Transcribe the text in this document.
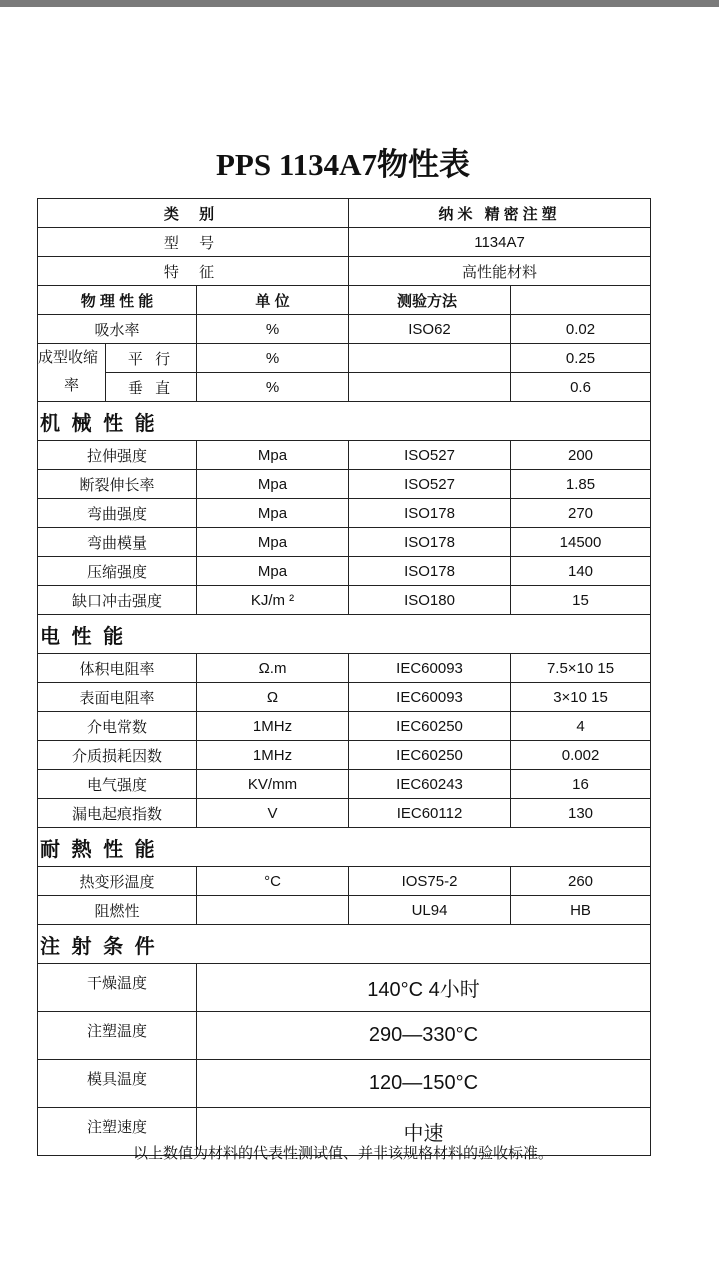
PPS 1134A7物性表
类 别			纳米 精密注塑	
型 号			1134A7	
特 征			高性能材料	
物 理 性 能		单 位	测验方法	
吸水率		%	ISO62	0.02
成型收缩
率	平 行	%		0.25
	垂 直	%		0.6
机 械 性 能				
拉伸强度		Mpa	ISO527	200
断裂伸长率		Mpa	ISO527	1.85
弯曲强度		Mpa	ISO178	270
弯曲模量		Mpa	ISO178	14500
压缩强度		Mpa	ISO178	140
缺口冲击强度		KJ/m ²	ISO180	15
电 性 能				
体积电阻率		Ω.m	IEC60093	7.5×10 15
表面电阻率		Ω	IEC60093	3×10 15
介电常数		1MHz	IEC60250	4
介质损耗因数		1MHz	IEC60250	0.002
电气强度		KV/mm	IEC60243	16
漏电起痕指数		V	IEC60112	130
耐 熱 性 能				
热变形温度		°C	IOS75-2	260
阻燃性			UL94	HB
注 射 条 件				
干燥温度		140°C 4小时		
注塑温度		290—330°C		
模具温度		120—150°C		
注塑速度		中速		
以上数值为材料的代表性测试值、并非该规格材料的验收标准。
